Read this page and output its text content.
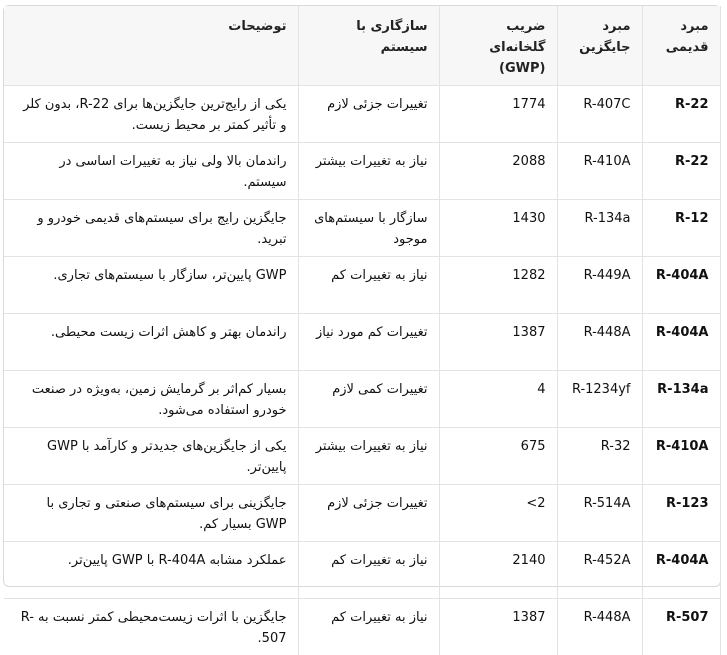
مبرد قدیمی	مبرد جایگزین	ضریب گلخانه‌ای (GWP)	سازگاری با سیستم	توضیحات
R-22	R-407C	1774	تغییرات جزئی لازم	یکی از رایج‌ترین جایگزین‌ها برای R-22، بدون کلر و تأثیر کمتر بر محیط زیست.
R-22	R-410A	2088	نیاز به تغییرات بیشتر	راندمان بالا ولی نیاز به تغییرات اساسی در سیستم.
R-12	R-134a	1430	سازگار با سیستم‌های موجود	جایگزین رایج برای سیستم‌های قدیمی خودرو و تبرید.
R-404A	R-449A	1282	نیاز به تغییرات کم	GWP پایین‌تر، سازگار با سیستم‌های تجاری.
R-404A	R-448A	1387	تغییرات کم مورد نیاز	راندمان بهتر و کاهش اثرات زیست محیطی.
R-134a	R-1234yf	4	تغییرات کمی لازم	بسیار کم‌اثر بر گرمایش زمین، به‌ویژه در صنعت خودرو استفاده می‌شود.
R-410A	R-32	675	نیاز به تغییرات بیشتر	یکی از جایگزین‌های جدیدتر و کارآمد با GWP پایین‌تر.
R-123	R-514A	<2	تغییرات جزئی لازم	جایگزینی برای سیستم‌های صنعتی و تجاری با GWP بسیار کم.
R-404A	R-452A	2140	نیاز به تغییرات کم	عملکرد مشابه R-404A با GWP پایین‌تر.
R-507	R-448A	1387	نیاز به تغییرات کم	جایگزین با اثرات زیست‌محیطی کمتر نسبت به R-507.
